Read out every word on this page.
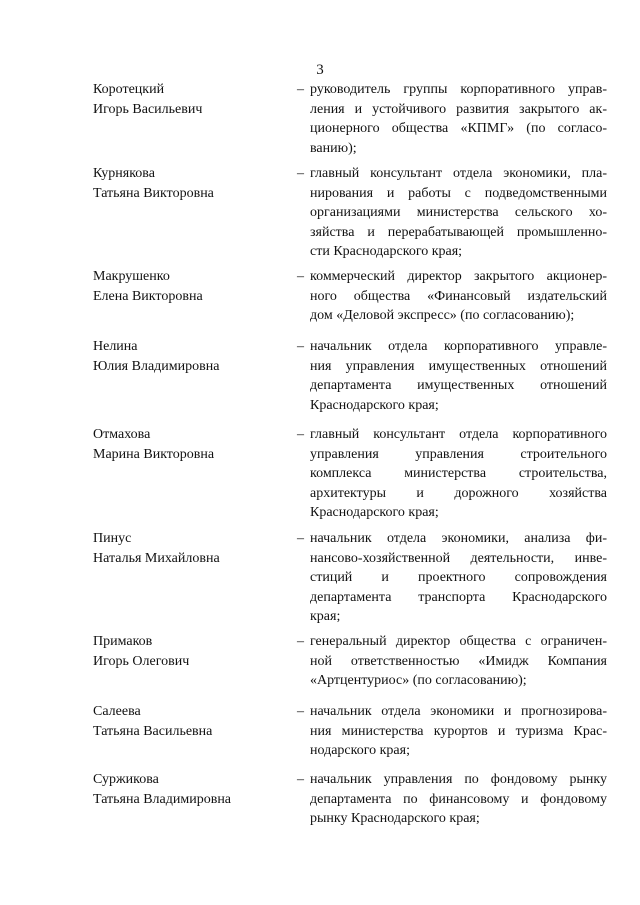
3
Коротецкий
Игорь Васильевич
– руководитель группы корпоративного управ-
ления и устойчивого развития закрытого ак-
ционерного общества «КПМГ» (по согласо-
ванию);
Курнякова
Татьяна Викторовна
– главный консультант отдела экономики, пла-
нирования и работы с подведомственными
организациями министерства сельского хо-
зяйства и перерабатывающей промышленно-
сти Краснодарского края;
Макрушенко
Елена Викторовна
– коммерческий директор закрытого акционер-
ного общества «Финансовый издательский
дом «Деловой экспресс» (по согласованию);
Нелина
Юлия Владимировна
– начальник отдела корпоративного управле-
ния управления имущественных отношений
департамента имущественных отношений
Краснодарского края;
Отмахова
Марина Викторовна
– главный консультант отдела корпоративного
управления управления строительного
комплекса министерства строительства,
архитектуры и дорожного хозяйства
Краснодарского края;
Пинус
Наталья Михайловна
– начальник отдела экономики, анализа фи-
нансово-хозяйственной деятельности, инве-
стиций и проектного сопровождения
департамента транспорта Краснодарского
края;
Примаков
Игорь Олегович
– генеральный директор общества с ограничен-
ной ответственностью «Имидж Компания
«Артцентуриос» (по согласованию);
Салеева
Татьяна Васильевна
– начальник отдела экономики и прогнозирова-
ния министерства курортов и туризма Крас-
нодарского края;
Суржикова
Татьяна Владимировна
– начальник управления по фондовому рынку
департамента по финансовому и фондовому
рынку Краснодарского края;
